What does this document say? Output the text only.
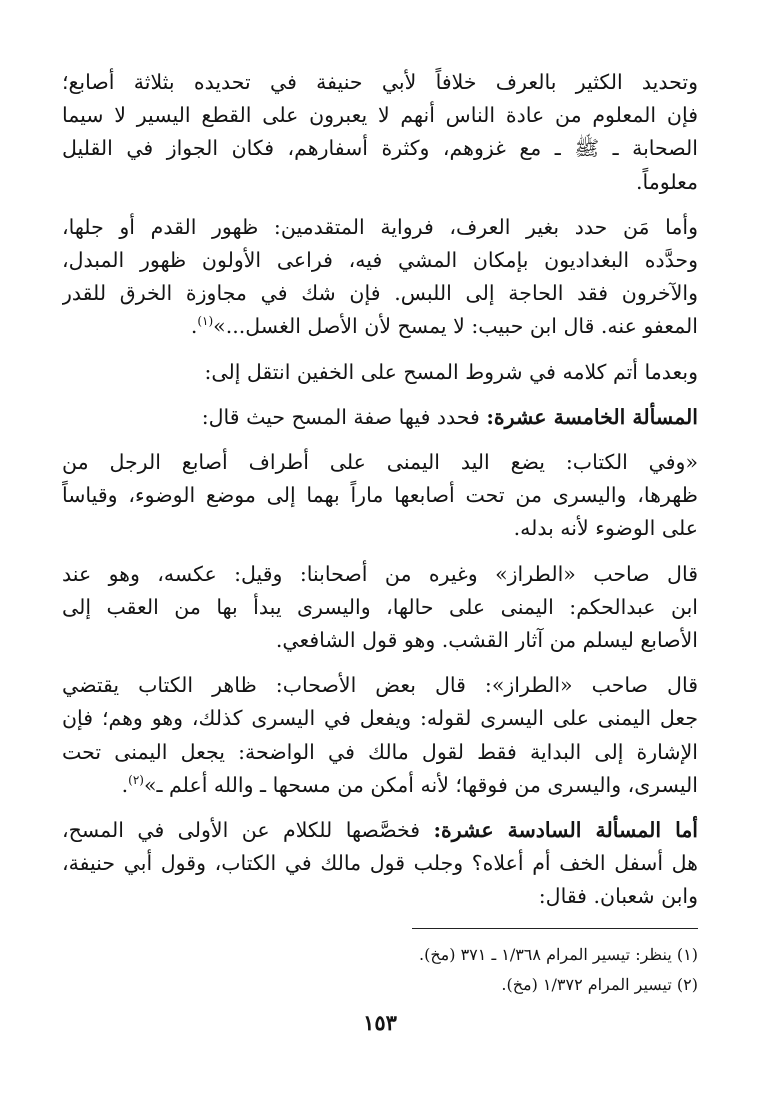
وتحديد الكثير بالعرف خلافاً لأبي حنيفة في تحديده بثلاثة أصابع؛
فإن المعلوم من عادة الناس أنهم لا يعبرون على القطع اليسير لا سيما
الصحابة ـ ﷺ ـ مع غزوهم، وكثرة أسفارهم، فكان الجواز في القليل
معلوماً.

وأما مَن حدد بغير العرف، فرواية المتقدمين: ظهور القدم أو جلها،
وحدَّده البغداديون بإمكان المشي فيه، فراعى الأولون ظهور المبدل،
والآخرون فقد الحاجة إلى اللبس. فإن شك في مجاوزة الخرق للقدر
المعفو عنه. قال ابن حبيب: لا يمسح لأن الأصل الغسل...»$^{(١)}$.

وبعدما أتم كلامه في شروط المسح على الخفين انتقل إلى:

المسألة الخامسة عشرة: فحدد فيها صفة المسح حيث قال:

«وفي الكتاب: يضع اليد اليمنى على أطراف أصابع الرجل من
ظهرها، واليسرى من تحت أصابعها ماراً بهما إلى موضع الوضوء، وقياساً
على الوضوء لأنه بدله.

قال صاحب «الطراز» وغيره من أصحابنا: وقيل: عكسه، وهو عند
ابن عبدالحكم: اليمنى على حالها، واليسرى يبدأ بها من العقب إلى
الأصابع ليسلم من آثار القشب. وهو قول الشافعي.

قال صاحب «الطراز»: قال بعض الأصحاب: ظاهر الكتاب يقتضي
جعل اليمنى على اليسرى لقوله: ويفعل في اليسرى كذلك، وهو وهم؛ فإن
الإشارة إلى البداية فقط لقول مالك في الواضحة: يجعل اليمنى تحت
اليسرى، واليسرى من فوقها؛ لأنه أمكن من مسحها ـ والله أعلم ـ»$^{(٢)}$.

أما المسألة السادسة عشرة: فخصَّصها للكلام عن الأولى في المسح،
هل أسفل الخف أم أعلاه؟ وجلب قول مالك في الكتاب، وقول أبي حنيفة،
وابن شعبان. فقال:

(١) ينظر: تيسير المرام ١/٣٦٨ ـ ٣٧١ (مخ).
(٢) تيسير المرام ١/٣٧٢ (مخ).
١٥٣
